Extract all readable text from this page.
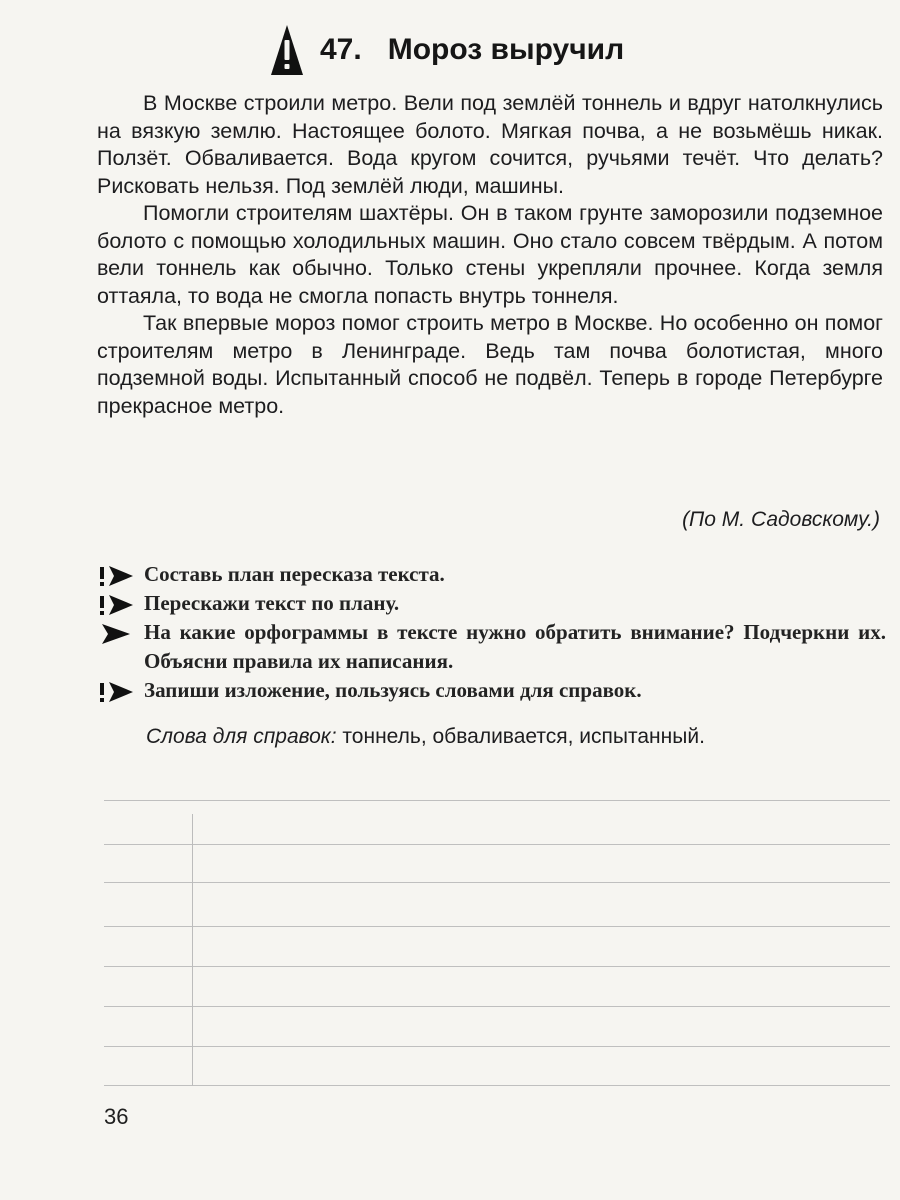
47. Мороз выручил

В Москве строили метро. Вели под землёй тоннель и вдруг натолкнулись на вязкую землю. Настоящее болото. Мягкая почва, а не возьмёшь никак. Ползёт. Обваливается. Вода кругом сочится, ручьями течёт. Что делать? Рисковать нельзя. Под землёй люди, машины.

Помогли строителям шахтёры. Он в таком грунте заморозили подземное болото с помощью холодильных машин. Оно стало совсем твёрдым. А потом вели тоннель как обычно. Только стены укрепляли прочнее. Когда земля оттаяла, то вода не смогла попасть внутрь тоннеля.

Так впервые мороз помог строить метро в Москве. Но особенно он помог строителям метро в Ленинграде. Ведь там почва болотистая, много подземной воды. Испытанный способ не подвёл. Теперь в городе Петербурге прекрасное метро.

(По М. Садовскому.)
Составь план пересказа текста.
Перескажи текст по плану.
На какие орфограммы в тексте нужно обратить внимание? Подчеркни их. Объясни правила их написания.
Запиши изложение, пользуясь словами для справок.
Слова для справок: тоннель, обваливается, испытанный.
36
